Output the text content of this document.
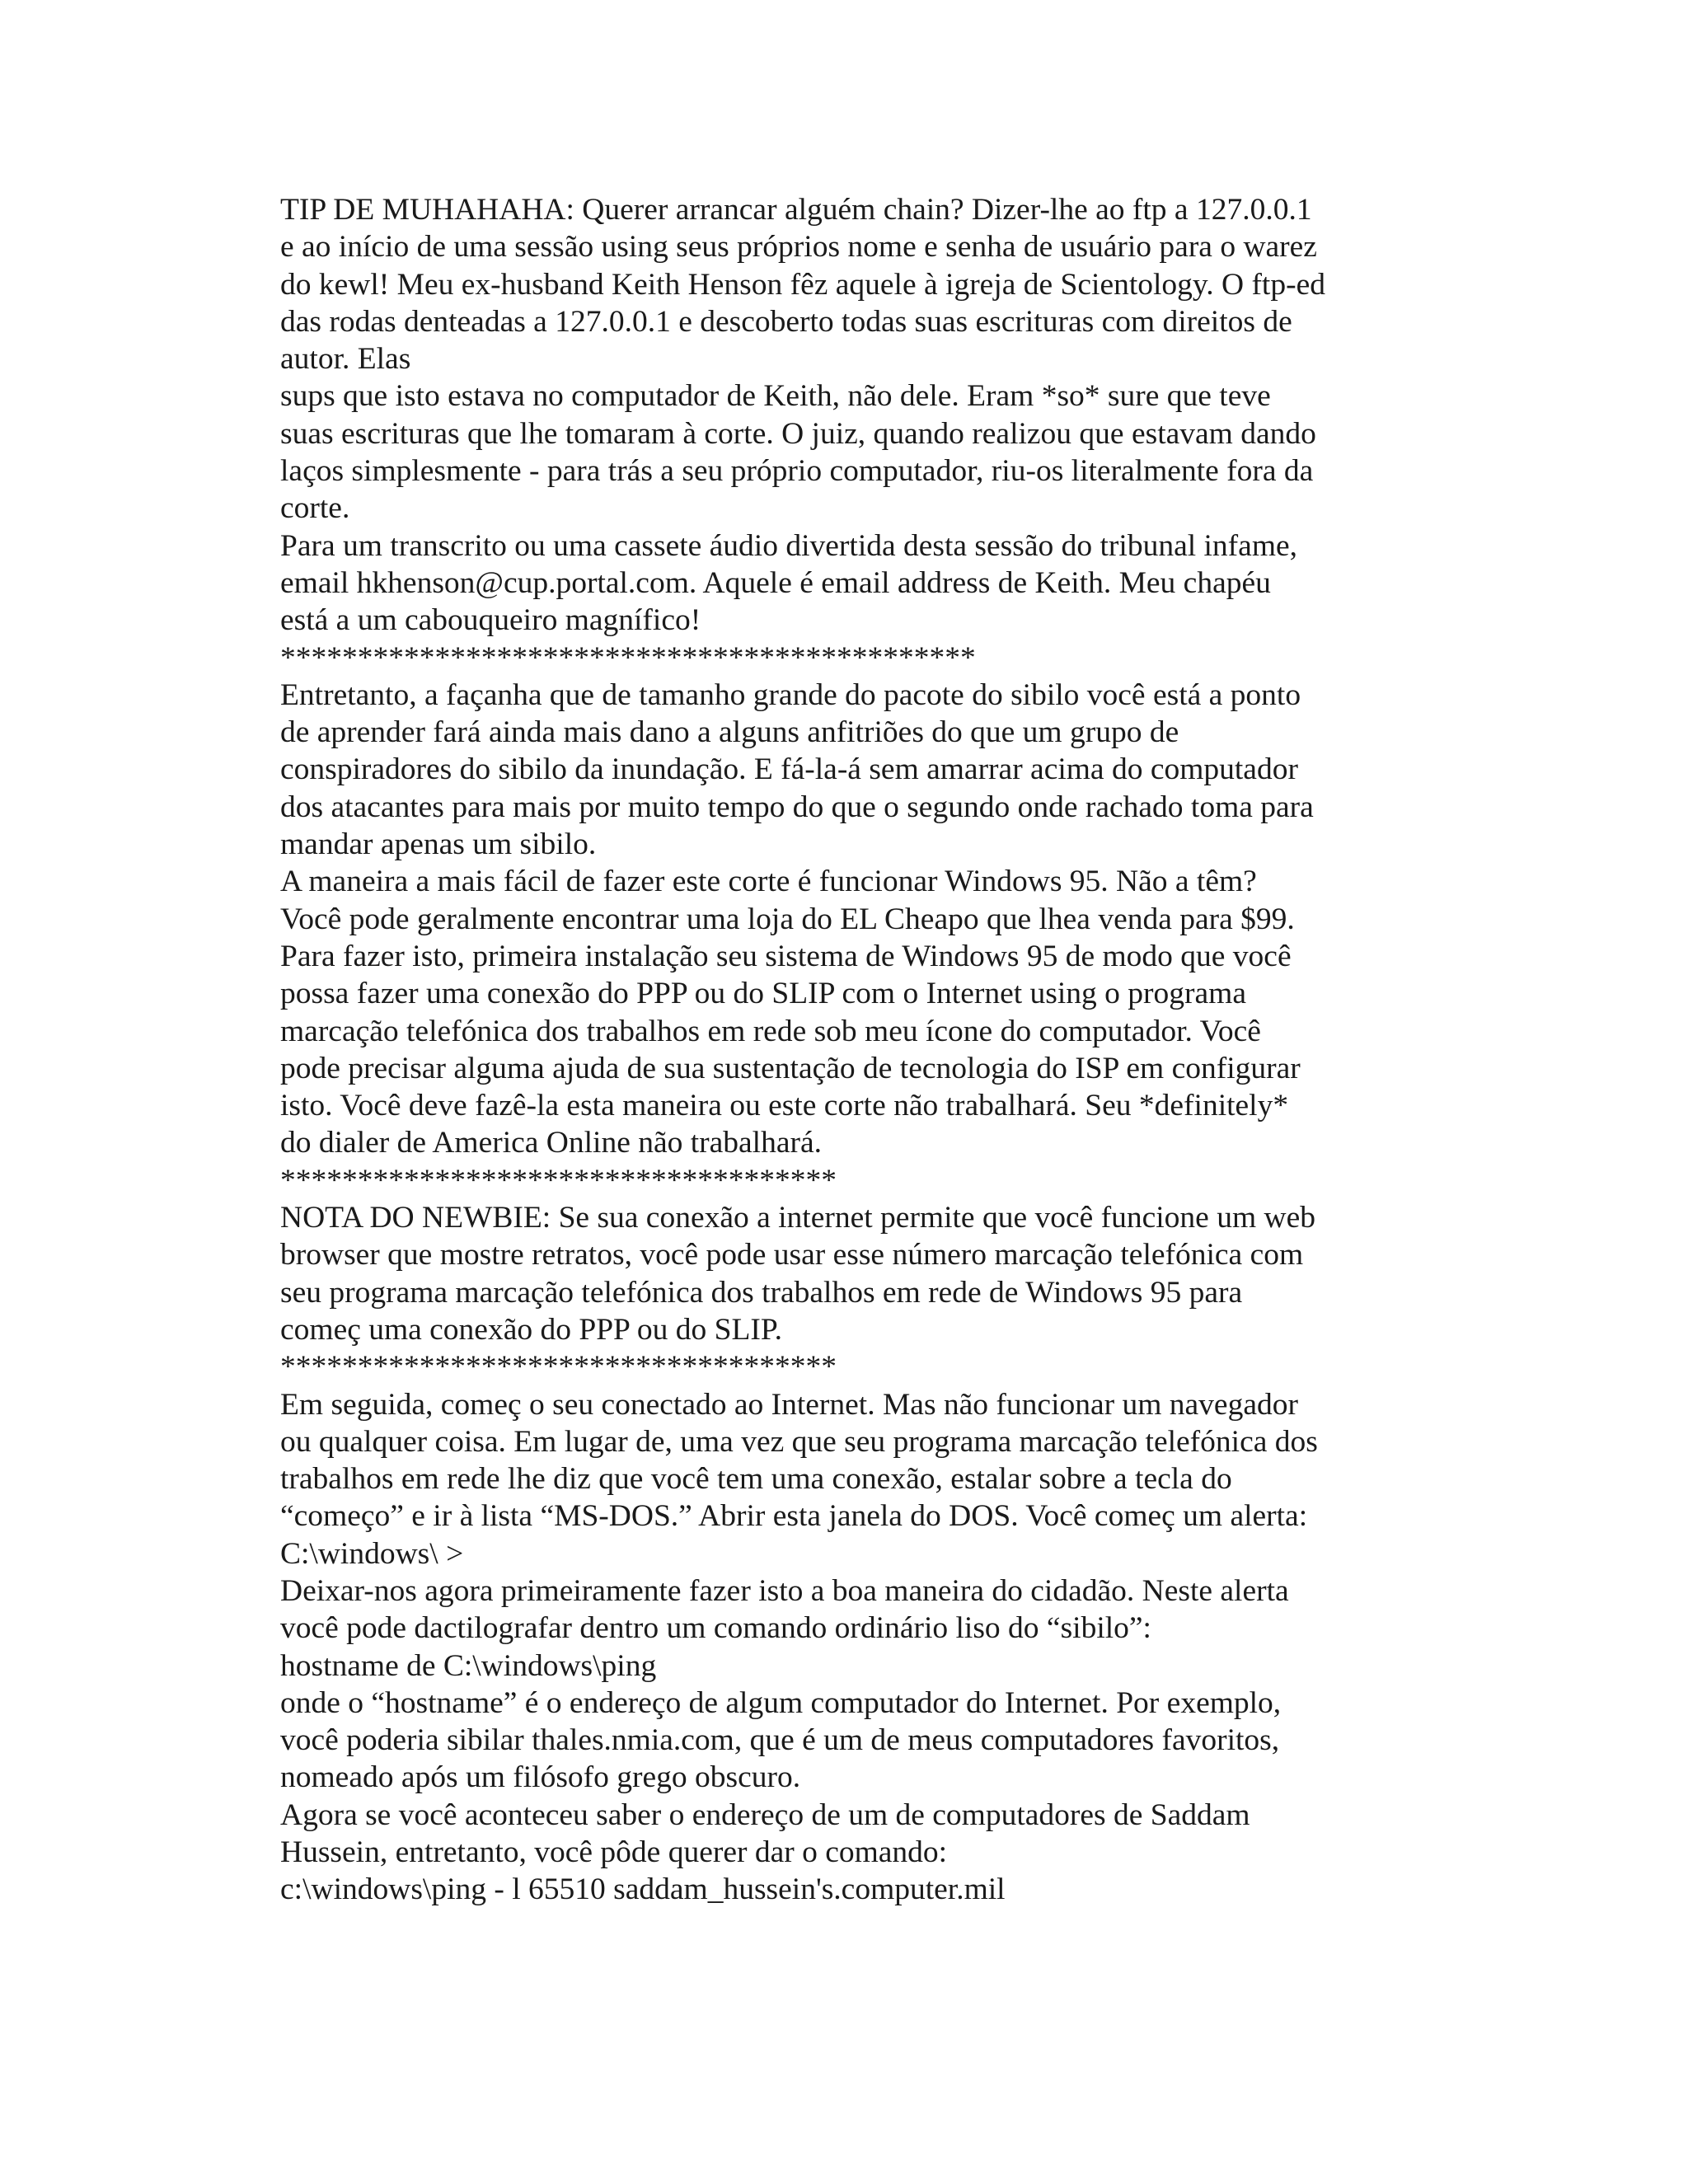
TIP DE MUHAHAHA: Querer arrancar alguém chain? Dizer-lhe ao ftp a 127.0.0.1
e ao início de uma sessão using seus próprios nome e senha de usuário para o warez
do kewl! Meu ex-husband Keith Henson fêz aquele à igreja de Scientology. O ftp-ed
das rodas denteadas a 127.0.0.1 e descoberto todas suas escrituras com direitos de
autor. Elas
sups que isto estava no computador de Keith, não dele. Eram *so* sure que teve
suas escrituras que lhe tomaram à corte. O juiz, quando realizou que estavam dando
laços simplesmente - para trás a seu próprio computador, riu-os literalmente fora da
corte.
Para um transcrito ou uma cassete áudio divertida desta sessão do tribunal infame,
email hkhenson@cup.portal.com. Aquele é email address de Keith. Meu chapéu
está a um cabouqueiro magnífico!
*********************************************
Entretanto, a façanha que de tamanho grande do pacote do sibilo você está a ponto
de aprender fará ainda mais dano a alguns anfitriões do que um grupo de
conspiradores do sibilo da inundação. E fá-la-á sem amarrar acima do computador
dos atacantes para mais por muito tempo do que o segundo onde rachado toma para
mandar apenas um sibilo.
A maneira a mais fácil de fazer este corte é funcionar Windows 95. Não a têm?
Você pode geralmente encontrar uma loja do EL Cheapo que lhea venda para $99.
Para fazer isto, primeira instalação seu sistema de Windows 95 de modo que você
possa fazer uma conexão do PPP ou do SLIP com o Internet using o programa
marcação telefónica dos trabalhos em rede sob meu ícone do computador. Você
pode precisar alguma ajuda de sua sustentação de tecnologia do ISP em configurar
isto. Você deve fazê-la esta maneira ou este corte não trabalhará. Seu *definitely*
do dialer de America Online não trabalhará.
************************************
NOTA DO NEWBIE: Se sua conexão a internet permite que você funcione um web
browser que mostre retratos, você pode usar esse número marcação telefónica com
seu programa marcação telefónica dos trabalhos em rede de Windows 95 para
começ uma conexão do PPP ou do SLIP.
************************************
Em seguida, começ o seu conectado ao Internet. Mas não funcionar um navegador
ou qualquer coisa. Em lugar de, uma vez que seu programa marcação telefónica dos
trabalhos em rede lhe diz que você tem uma conexão, estalar sobre a tecla do
“começo” e ir à lista “MS-DOS.” Abrir esta janela do DOS. Você começ um alerta:
C:\windows\ >
Deixar-nos agora primeiramente fazer isto a boa maneira do cidadão. Neste alerta
você pode dactilografar dentro um comando ordinário liso do “sibilo”:
hostname de C:\windows\ping
onde o “hostname” é o endereço de algum computador do Internet. Por exemplo,
você poderia sibilar thales.nmia.com, que é um de meus computadores favoritos,
nomeado após um filósofo grego obscuro.
Agora se você aconteceu saber o endereço de um de computadores de Saddam
Hussein, entretanto, você pôde querer dar o comando:
c:\windows\ping - l 65510 saddam_hussein's.computer.mil
